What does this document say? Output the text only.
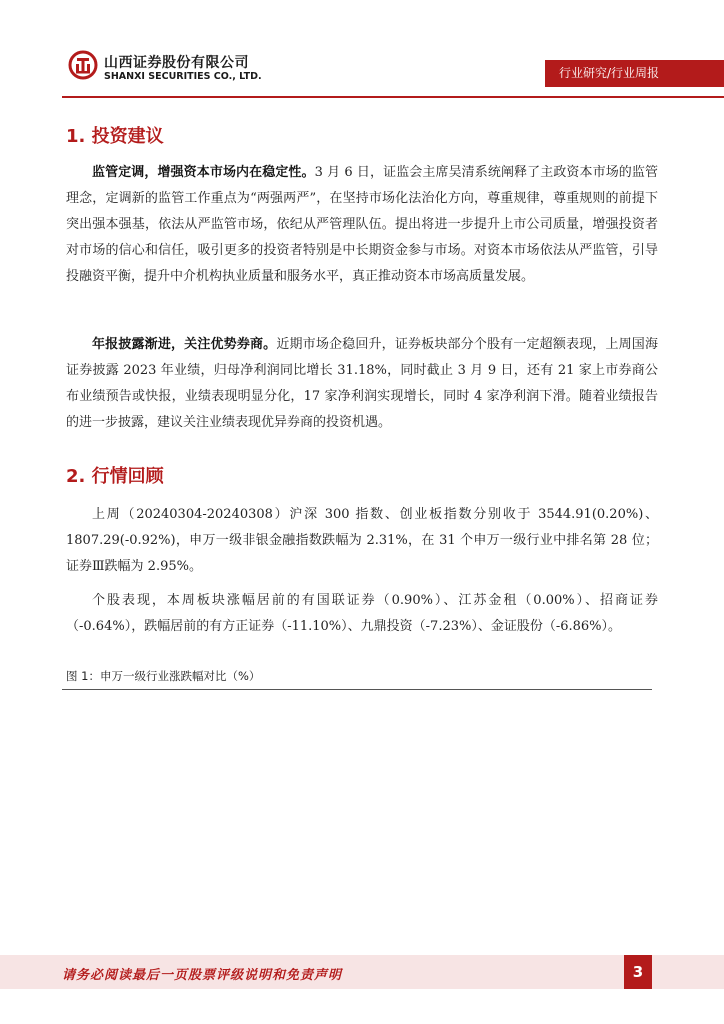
山西证券股份有限公司
SHANXI SECURITIES CO., LTD.	行业研究/行业周报
1. 投资建议

监管定调，增强资本市场内在稳定性。3 月 6 日，证监会主席吴清系统阐释了主政资本市场的监管理念，定调新的监管工作重点为“两强两严”，在坚持市场化法治化方向，尊重规律，尊重规则的前提下突出强本强基，依法从严监管市场，依纪从严管理队伍。提出将进一步提升上市公司质量，增强投资者对市场的信心和信任，吸引更多的投资者特别是中长期资金参与市场。对资本市场依法从严监管，引导投融资平衡，提升中介机构执业质量和服务水平，真正推动资本市场高质量发展。

年报披露渐进，关注优势券商。近期市场企稳回升，证券板块部分个股有一定超额表现，上周国海证券披露 2023 年业绩，归母净利润同比增长 31.18%，同时截止 3 月 9 日，还有 21 家上市券商公布业绩预告或快报，业绩表现明显分化，17 家净利润实现增长，同时 4 家净利润下滑。随着业绩报告的进一步披露，建议关注业绩表现优异券商的投资机遇。

2. 行情回顾

上周（20240304-20240308）沪深 300 指数、创业板指数分别收于 3544.91(0.20%)、1807.29(-0.92%)，申万一级非银金融指数跌幅为 2.31%，在 31 个申万一级行业中排名第 28 位；证券Ⅲ跌幅为 2.95%。

个股表现，本周板块涨幅居前的有国联证券（0.90%）、江苏金租（0.00%）、招商证券（-0.64%），跌幅居前的有方正证券（-11.10%）、九鼎投资（-7.23%）、金证股份（-6.86%）。

图 1：申万一级行业涨跌幅对比（%）
请务必阅读最后一页股票评级说明和免责声明	3
